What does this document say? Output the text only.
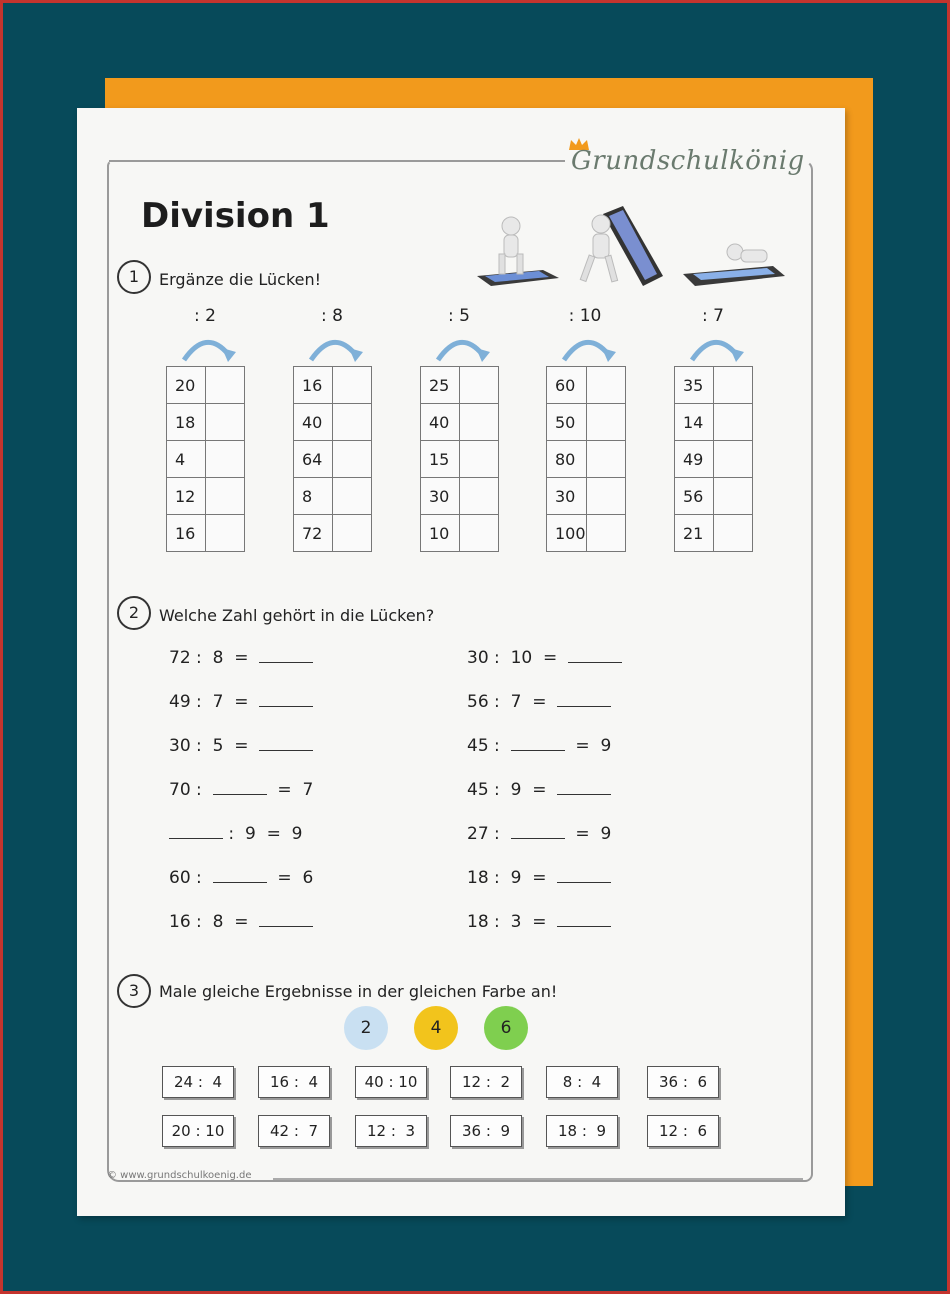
Grundschulkönig
Division 1
1	Ergänze die Lücken!
: 2
20	
18	
4	
12	
16	
: 8
16	
40	
64	
8	
72	
: 5
25	
40	
15	
30	
10	
: 10
60	
50	
80	
30	
100	
: 7
35	
14	
49	
56	
21	
2	Welche Zahl gehört in die Lücken?
72 :  8  =
49 :  7  =
30 :  5  =
70 :	=  7
:  9  =  9
60 :	=  6
16 :  8  =
30 :  10  =
56 :  7  =
45 :	=  9
45 :  9  =
27 :	=  9
18 :  9  =
18 :  3  =
3	Male gleiche Ergebnisse in der gleichen Farbe an!
2	4	6
24 :  4	16 :  4	40 : 10	12 :  2	8 :  4	36 :  6
20 : 10	42 :  7	12 :  3	36 :  9	18 :  9	12 :  6
© www.grundschulkoenig.de
